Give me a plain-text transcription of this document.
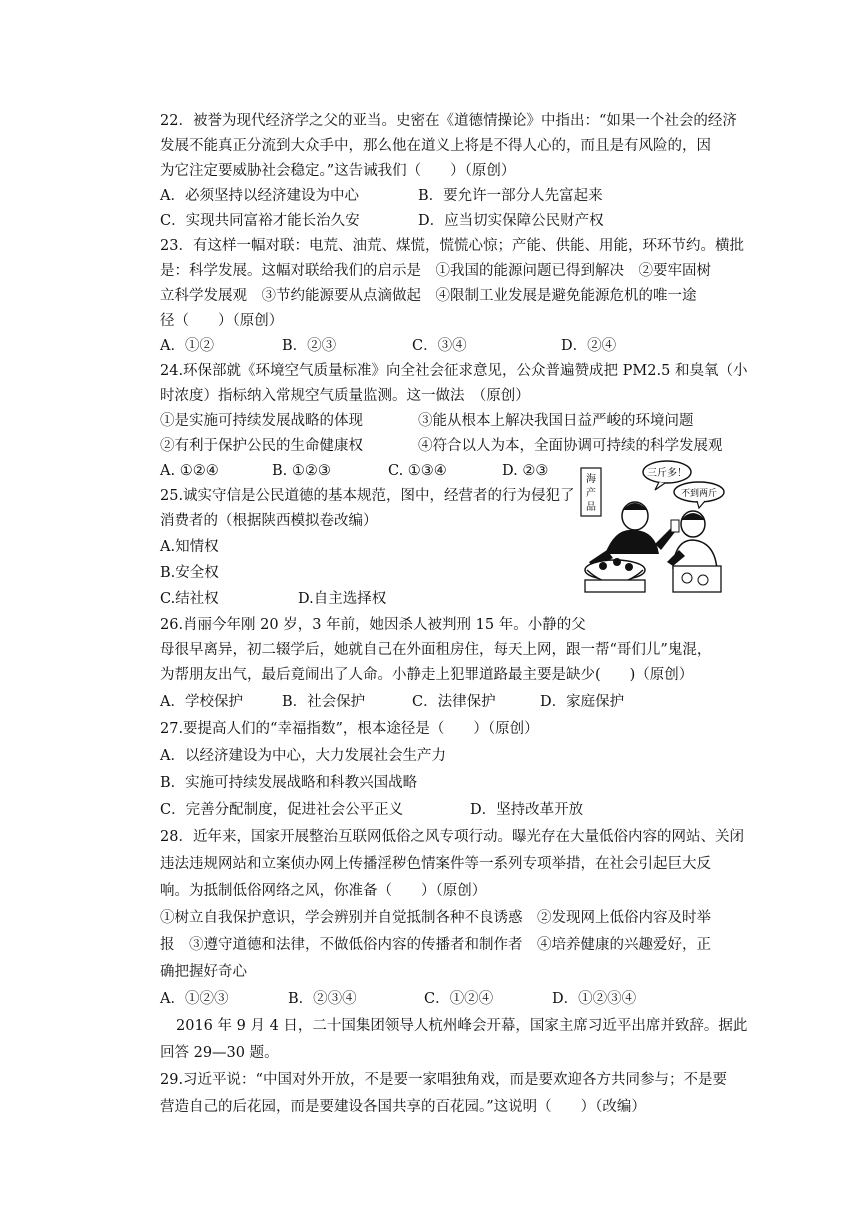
22．被誉为现代经济学之父的亚当。史密在《道德情操论》中指出：“如果一个社会的经济
发展不能真正分流到大众手中，那么他在道义上将是不得人心的，而且是有风险的，因
为它注定要威胁社会稳定。”这告诫我们（　　）（原创）
A．必须坚持以经济建设为中心	B．要允许一部分人先富起来
C．实现共同富裕才能长治久安	D．应当切实保障公民财产权
23．有这样一幅对联：电荒、油荒、煤慌，慌慌心惊；产能、供能、用能，环环节约。横批
是：科学发展。这幅对联给我们的启示是　①我国的能源问题已得到解决　②要牢固树
立科学发展观　③节约能源要从点滴做起　④限制工业发展是避免能源危机的唯一途
径（　　）（原创）
A．①②	B．②③	C．③④	D．②④
24.环保部就《环境空气质量标准》向全社会征求意见，公众普遍赞成把 PM2.5 和臭氧（小
时浓度）指标纳入常规空气质量监测。这一做法　（原创）
①是实施可持续发展战略的体现	③能从根本上解决我国日益严峻的环境问题
②有利于保护公民的生命健康权	④符合以人为本，全面协调可持续的科学发展观
A. ①②④	B. ①②③	C. ①③④	D. ②③
25.诚实守信是公民道德的基本规范，图中，经营者的行为侵犯了
消费者的（根据陕西模拟卷改编）
A.知情权
B.安全权
C.结社权	D.自主选择权
26.肖丽今年刚 20 岁，3 年前，她因杀人被判刑 15 年。小静的父
母很早离异，初二辍学后，她就自己在外面租房住，每天上网，跟一帮“哥们儿”鬼混，
为帮朋友出气，最后竟闹出了人命。小静走上犯罪道路最主要是缺少(　　)（原创）
A．学校保护	B．社会保护	C．法律保护	D．家庭保护
27.要提高人们的“幸福指数”，根本途径是（　　）（原创）
A．以经济建设为中心，大力发展社会生产力
B．实施可持续发展战略和科教兴国战略
C．完善分配制度，促进社会公平正义	D．坚持改革开放
28．近年来，国家开展整治互联网低俗之风专项行动。曝光存在大量低俗内容的网站、关闭
违法违规网站和立案侦办网上传播淫秽色情案件等一系列专项举措，在社会引起巨大反
响。为抵制低俗网络之风，你准备（　　）（原创）
①树立自我保护意识，学会辨别并自觉抵制各种不良诱惑　②发现网上低俗内容及时举
报　③遵守道德和法律，不做低俗内容的传播者和制作者　④培养健康的兴趣爱好，正
确把握好奇心
A．①②③	B．②③④	C．①②④	D．①②③④
2016 年 9 月 4 日，二十国集团领导人杭州峰会开幕，国家主席习近平出席并致辞。据此
回答 29—30 题。
29.习近平说：“中国对外开放，不是要一家唱独角戏，而是要欢迎各方共同参与；不是要
营造自己的后花园，而是要建设各国共享的百花园。”这说明（　　）（改编）
海
产
品
三斤多！
不到两斤
